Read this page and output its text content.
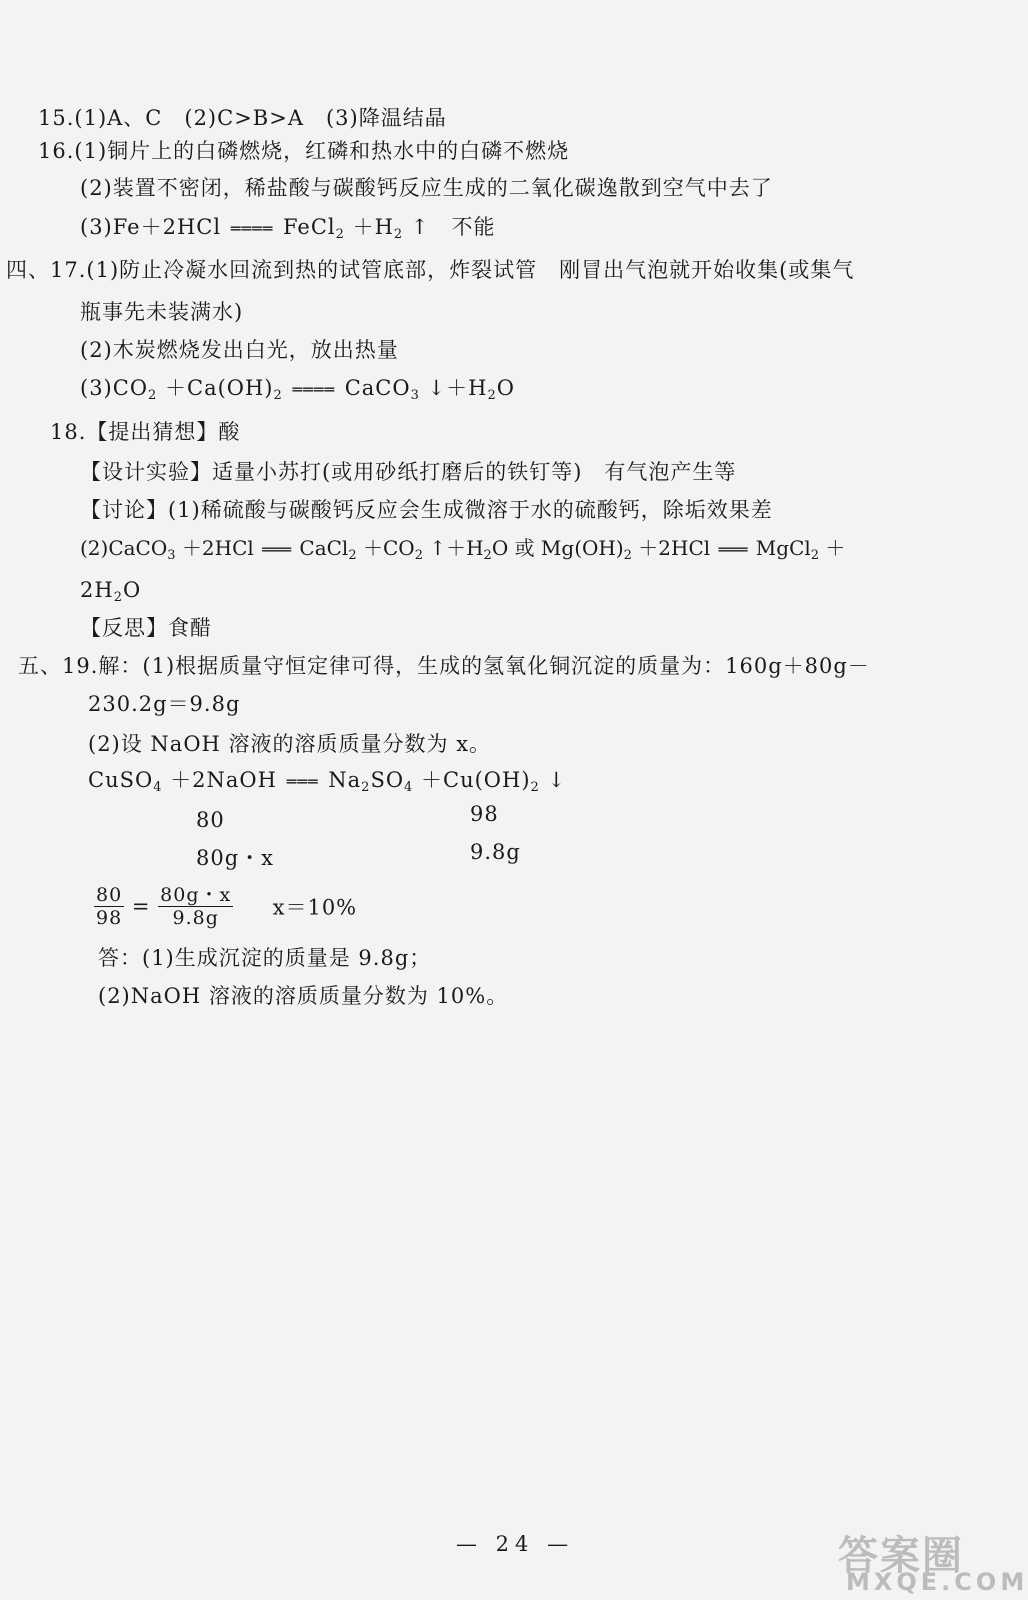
15.(1)A、C　(2)C>B>A　(3)降温结晶
16.(1)铜片上的白磷燃烧，红磷和热水中的白磷不燃烧
(2)装置不密闭，稀盐酸与碳酸钙反应生成的二氧化碳逸散到空气中去了
(3)Fe＋2HCl ════ FeCl$_2$ $+H_2$ ↑　不能
四、17.(1)防止冷凝水回流到热的试管底部，炸裂试管　刚冒出气泡就开始收集(或集气
瓶事先未装满水)
(2)木炭燃烧发出白光，放出热量
$(3)CO_2 +Ca(OH)_2$ ════ CaCO$_3$ $↓+H_2O$
18.【提出猜想】酸
【设计实验】适量小苏打(或用砂纸打磨后的铁钉等)　有气泡产生等
【讨论】(1)稀硫酸与碳酸钙反应会生成微溶于水的硫酸钙，除垢效果差
(2)CaCO$_3$ ＋2HCl ═══ CaCl$_2$ $+CO_2$ $↑+H_2O$ 或 $Mg(OH)_2 +2HCl$ ═══ MgCl$_2$ ＋
$2H_2O$
【反思】食醋
五、19.解：(1)根据质量守恒定律可得，生成的氢氧化铜沉淀的质量为：160g＋80g－
230.2g＝9.8g
(2)设 NaOH 溶液的溶质质量分数为 x。
CuSO$_4$ ＋2NaOH ═══ $Na_2SO_4 +Cu(OH)_2$ ↓
80	98
80g・x	9.8g
$\frac{80}{98} = \frac{80g・x}{9.8g} x=10\%$
答：(1)生成沉淀的质量是 9.8g；
(2)NaOH 溶液的溶质质量分数为 10%。
— 24 —	答案圈
MXQE.COM
